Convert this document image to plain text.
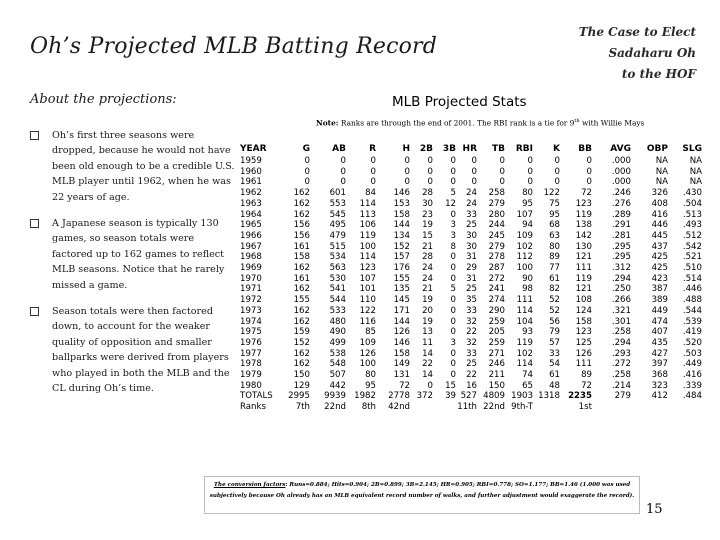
Oh’s Projected MLB Batting Record
The Case to Elect
Sadaharu Oh
to the HOF
About the projections:
Oh’s first three seasons were dropped, because he would not have been old enough to be a credible U.S. MLB player until 1962, when he was 22 years of age.
A Japanese season is typically 130 games, so season totals were factored up to 162 games to reflect MLB seasons. Notice that he rarely missed a game.
Season totals were then factored down, to account for the weaker quality of opposition and smaller ballparks were derived from players who played in both the MLB and the CL during Oh’s time.
MLB Projected Stats
Note: Ranks are through the end of 2001. The RBI rank is a tie for 9th with Willie Mays
YEAR	G	AB	R	H	2B	3B	HR	TB	RBI	K	BB	AVG	OBP	SLG
1959	0	0	0	0	0	0	0	0	0	0	0	.000	NA	NA
1960	0	0	0	0	0	0	0	0	0	0	0	.000	NA	NA
1961	0	0	0	0	0	0	0	0	0	0	0	.000	NA	NA
1962	162	601	84	146	28	5	24	258	80	122	72	.246	326	.430
1963	162	553	114	153	30	12	24	279	95	75	123	.276	408	.504
1964	162	545	113	158	23	0	33	280	107	95	119	.289	416	.513
1965	156	495	106	144	19	3	25	244	94	68	138	.291	446	.493
1966	156	479	119	134	15	3	30	245	109	63	142	.281	445	.512
1967	161	515	100	152	21	8	30	279	102	80	130	.295	437	.542
1968	158	534	114	157	28	0	31	278	112	89	121	.295	425	.521
1969	162	563	123	176	24	0	29	287	100	77	111	.312	425	.510
1970	161	530	107	155	24	0	31	272	90	61	119	.294	423	.514
1971	162	541	101	135	21	5	25	241	98	82	121	.250	387	.446
1972	155	544	110	145	19	0	35	274	111	52	108	.266	389	.488
1973	162	533	122	171	20	0	33	290	114	52	124	.321	449	.544
1974	162	480	116	144	19	0	32	259	104	56	158	.301	474	.539
1975	159	490	85	126	13	0	22	205	93	79	123	.258	407	.419
1976	152	499	109	146	11	3	32	259	119	57	125	.294	435	.520
1977	162	538	126	158	14	0	33	271	102	33	126	.293	427	.503
1978	162	548	100	149	22	0	25	246	114	54	111	.272	397	.449
1979	150	507	80	131	14	0	22	211	74	61	89	.258	368	.416
1980	129	442	95	72	0	15	16	150	65	48	72	.214	323	.339
TOTALS	2995	9939	1982	2778	372	39	527	4809	1903	1318	2235	279	412	.484
Ranks	7th	22nd	8th	42nd			11th	22nd	9th-T		1st			
The conversion factors: Runs=0.884; Hits=0.904; 2B=0.899; 3B=2.145; HR=0.905; RBI=0.778; SO=1.177; BB=1.46 (1.000 was used subjectively because Oh already has an MLB equivalent record number of walks, and further adjustment would exaggerate the record).
15
